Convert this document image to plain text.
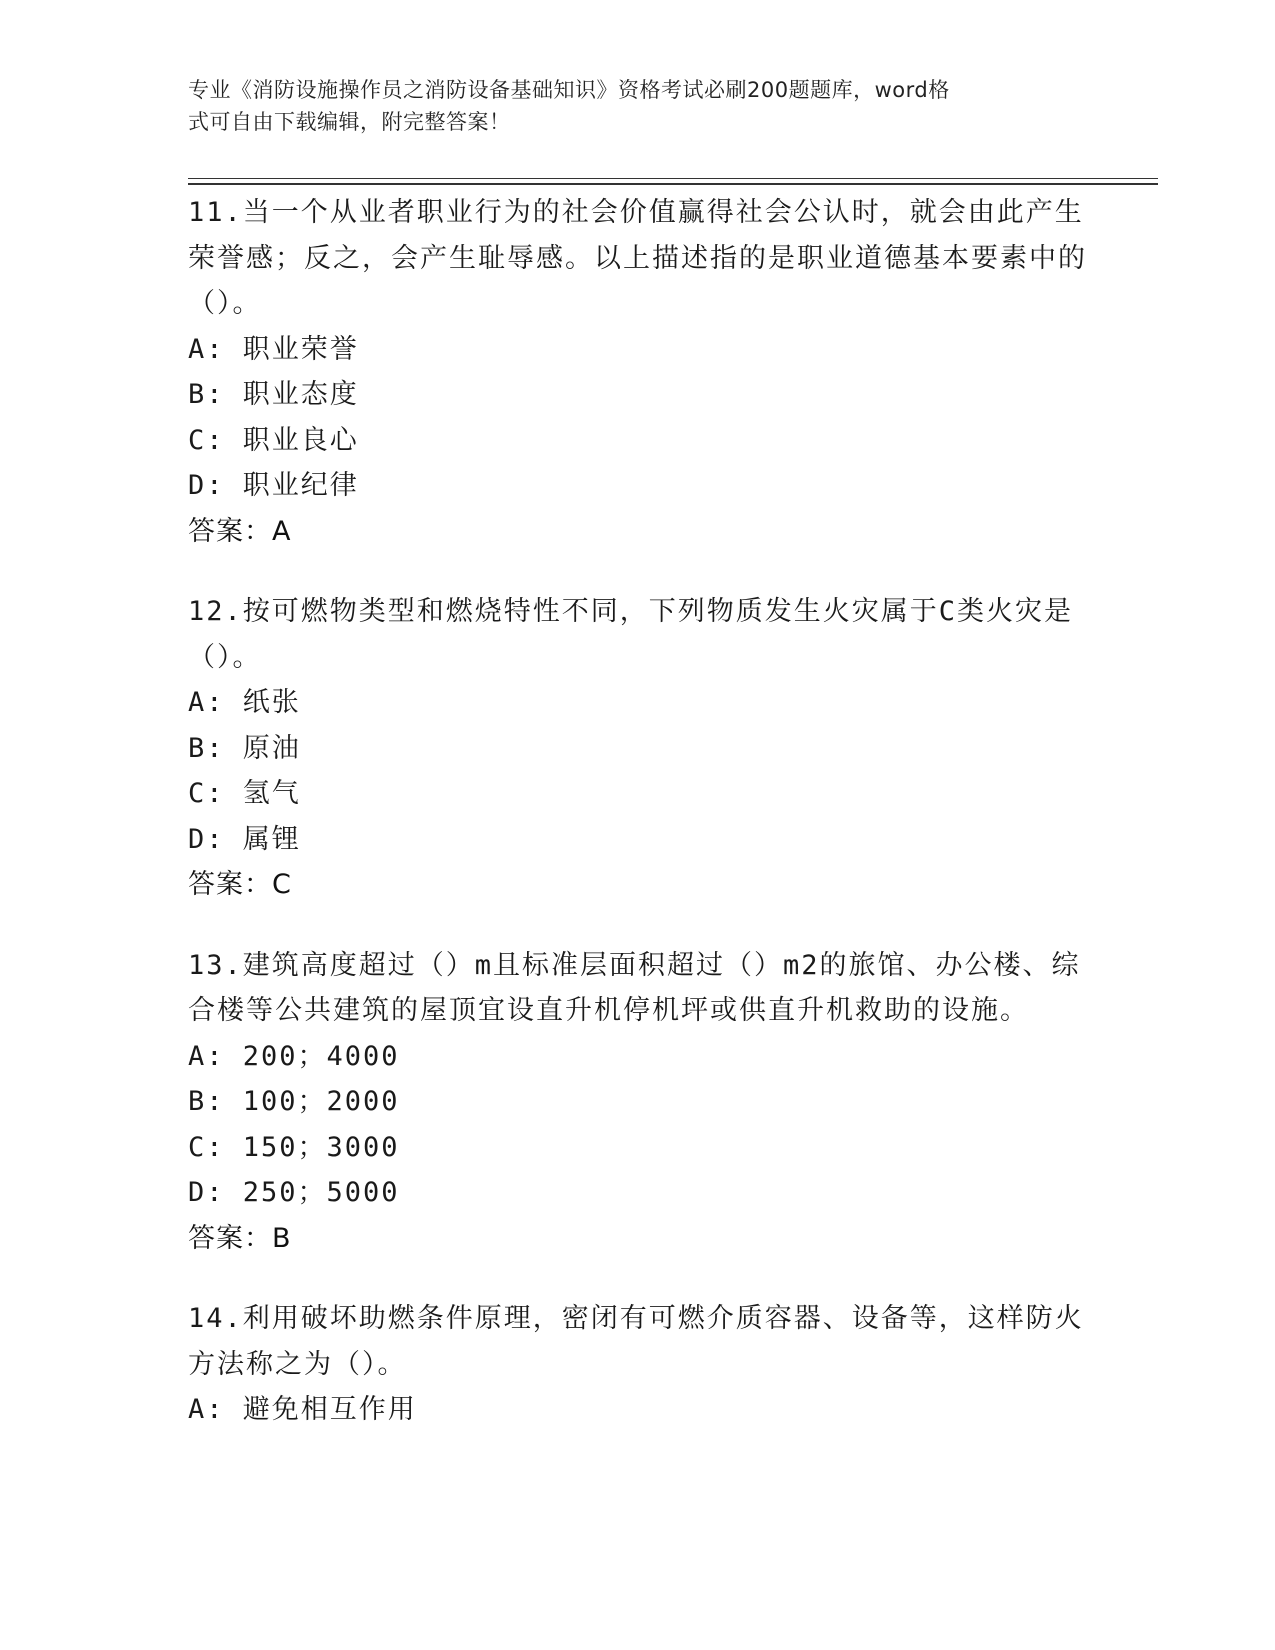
专业《消防设施操作员之消防设备基础知识》资格考试必刷200题题库，word格
式可自由下载编辑，附完整答案！

11.当一个从业者职业行为的社会价值赢得社会公认时，就会由此产生荣誉感；反之，会产生耻辱感。以上描述指的是职业道德基本要素中的（）。

A: 职业荣誉
B: 职业态度
C: 职业良心
D: 职业纪律
答案：A

12.按可燃物类型和燃烧特性不同，下列物质发生火灾属于C类火灾是（）。

A: 纸张
B: 原油
C: 氢气
D: 属锂
答案：C

13.建筑高度超过（）m且标准层面积超过（）m2的旅馆、办公楼、综合楼等公共建筑的屋顶宜设直升机停机坪或供直升机救助的设施。

A: 200；4000
B: 100；2000
C: 150；3000
D: 250；5000
答案：B

14.利用破坏助燃条件原理，密闭有可燃介质容器、设备等，这样防火方法称之为（）。

A: 避免相互作用
